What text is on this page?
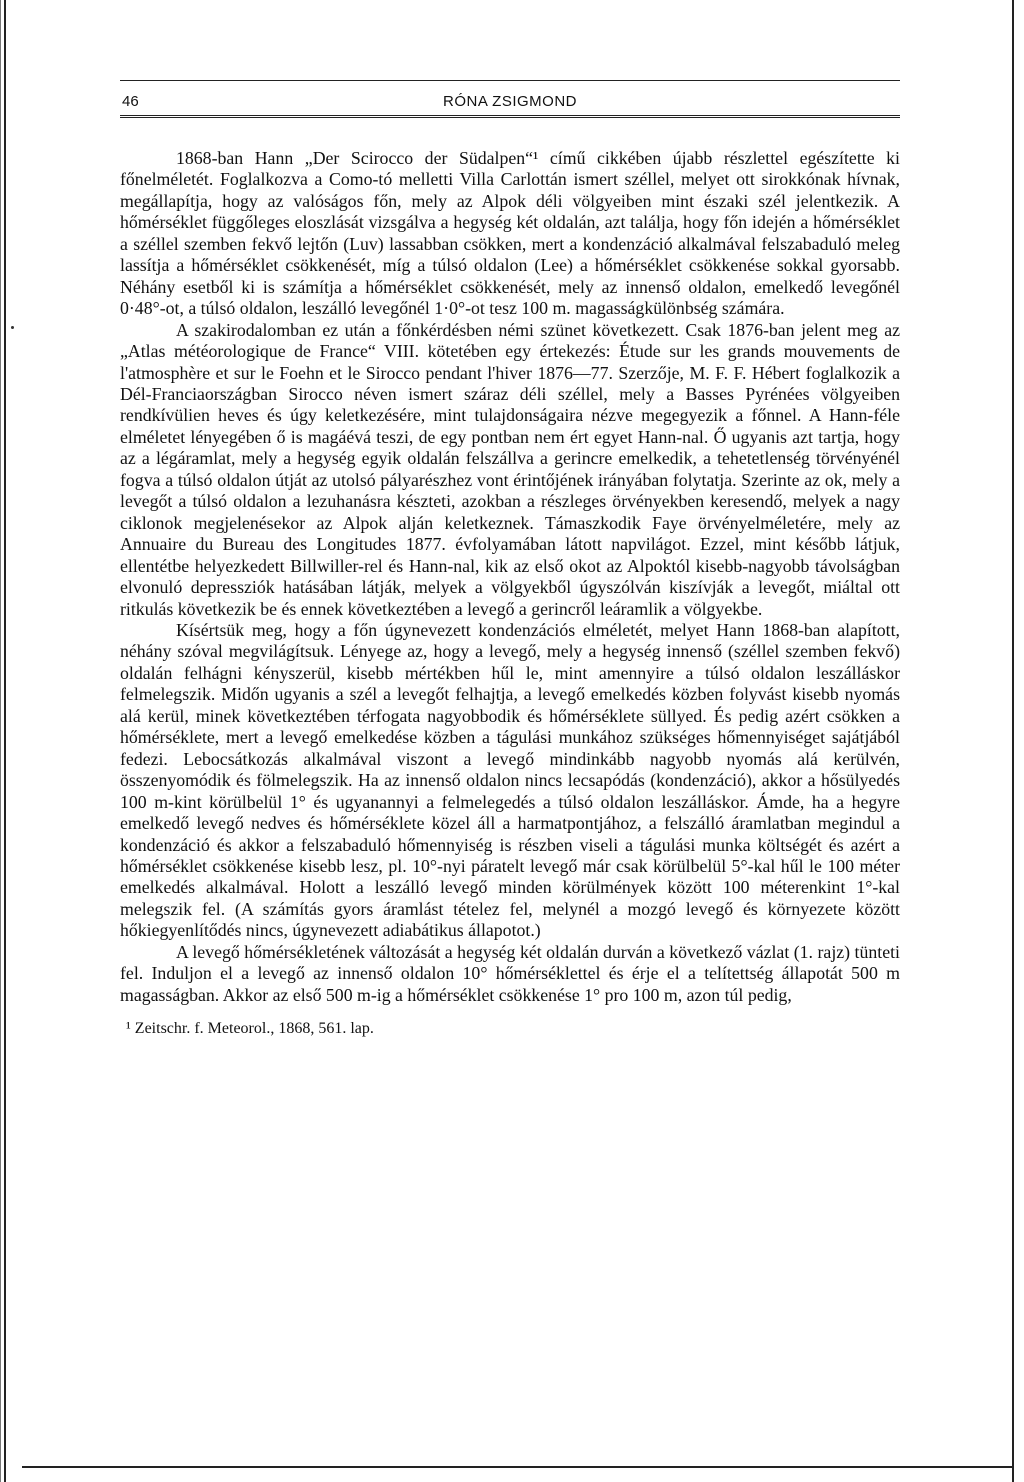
46	RÓNA ZSIGMOND

1868-ban Hann „Der Scirocco der Südalpen“¹ című cikkében újabb részlettel egészítette ki főnelméletét. Foglalkozva a Como-tó melletti Villa Carlottán ismert széllel, melyet ott sirokkónak hívnak, megállapítja, hogy az valóságos főn, mely az Alpok déli völgyeiben mint északi szél jelentkezik. A hőmérséklet függőleges eloszlását vizsgálva a hegység két oldalán, azt találja, hogy főn idején a hőmérséklet a széllel szemben fekvő lejtőn (Luv) lassabban csökken, mert a kondenzáció alkalmával felszabaduló meleg lassítja a hőmérséklet csökkenését, míg a túlsó oldalon (Lee) a hőmérséklet csökkenése sokkal gyorsabb. Néhány esetből ki is számítja a hőmérséklet csökkenését, mely az innenső oldalon, emelkedő levegőnél 0·48°-ot, a túlsó oldalon, leszálló levegőnél 1·0°-ot tesz 100 m. magasságkülönbség számára.

A szakirodalomban ez után a főnkérdésben némi szünet következett. Csak 1876-ban jelent meg az „Atlas météorologique de France“ VIII. kötetében egy értekezés: Étude sur les grands mouvements de l'atmosphère et sur le Foehn et le Sirocco pendant l'hiver 1876—77. Szerzője, M. F. F. Hébert foglalkozik a Dél-Franciaországban Sirocco néven ismert száraz déli széllel, mely a Basses Pyrénées völgyeiben rendkívülien heves és úgy keletkezésére, mint tulajdonságaira nézve megegyezik a főnnel. A Hann-féle elméletet lényegében ő is magáévá teszi, de egy pontban nem ért egyet Hann-nal. Ő ugyanis azt tartja, hogy az a légáramlat, mely a hegység egyik oldalán felszállva a gerincre emelkedik, a tehetetlenség törvényénél fogva a túlsó oldalon útját az utolsó pályarészhez vont érintőjének irányában folytatja. Szerinte az ok, mely a levegőt a túlsó oldalon a lezuhanásra készteti, azokban a részleges örvényekben keresendő, melyek a nagy ciklonok megjelenésekor az Alpok alján keletkeznek. Támaszkodik Faye örvényelméletére, mely az Annuaire du Bureau des Longitudes 1877. évfolyamában látott napvilágot. Ezzel, mint később látjuk, ellentétbe helyezkedett Billwiller-rel és Hann-nal, kik az első okot az Alpoktól kisebb-nagyobb távolságban elvonuló depressziók hatásában látják, melyek a völgyekből úgyszólván kiszívják a levegőt, miáltal ott ritkulás következik be és ennek következtében a levegő a gerincről leáramlik a völgyekbe.

Kísértsük meg, hogy a főn úgynevezett kondenzációs elméletét, melyet Hann 1868-ban alapított, néhány szóval megvilágítsuk. Lényege az, hogy a levegő, mely a hegység innenső (széllel szemben fekvő) oldalán felhágni kényszerül, kisebb mértékben hűl le, mint amennyire a túlsó oldalon leszálláskor felmelegszik. Midőn ugyanis a szél a levegőt felhajtja, a levegő emelkedés közben folyvást kisebb nyomás alá kerül, minek következtében térfogata nagyobbodik és hőmérséklete süllyed. És pedig azért csökken a hőmérséklete, mert a levegő emelkedése közben a tágulási munkához szükséges hőmennyiséget sajátjából fedezi. Lebocsátkozás alkalmával viszont a levegő mindinkább nagyobb nyomás alá kerülvén, összenyomódik és fölmelegszik. Ha az innenső oldalon nincs lecsapódás (kondenzáció), akkor a hősülyedés 100 m-kint körülbelül 1° és ugyanannyi a felmelegedés a túlsó oldalon leszálláskor. Ámde, ha a hegyre emelkedő levegő nedves és hőmérséklete közel áll a harmatpontjához, a felszálló áramlatban megindul a kondenzáció és akkor a felszabaduló hőmennyiség is részben viseli a tágulási munka költségét és azért a hőmérséklet csökkenése kisebb lesz, pl. 10°-nyi páratelt levegő már csak körülbelül 5°-kal hűl le 100 méter emelkedés alkalmával. Holott a leszálló levegő minden körülmények között 100 méterenkint 1°-kal melegszik fel. (A számítás gyors áramlást tételez fel, melynél a mozgó levegő és környezete között hőkiegyenlítődés nincs, úgynevezett adiabátikus állapotot.)

A levegő hőmérsékletének változását a hegység két oldalán durván a következő vázlat (1. rajz) tünteti fel. Induljon el a levegő az innenső oldalon 10° hőmérséklettel és érje el a telítettség állapotát 500 m magasságban. Akkor az első 500 m-ig a hőmérséklet csökkenése 1° pro 100 m, azon túl pedig,

¹ Zeitschr. f. Meteorol., 1868, 561. lap.
